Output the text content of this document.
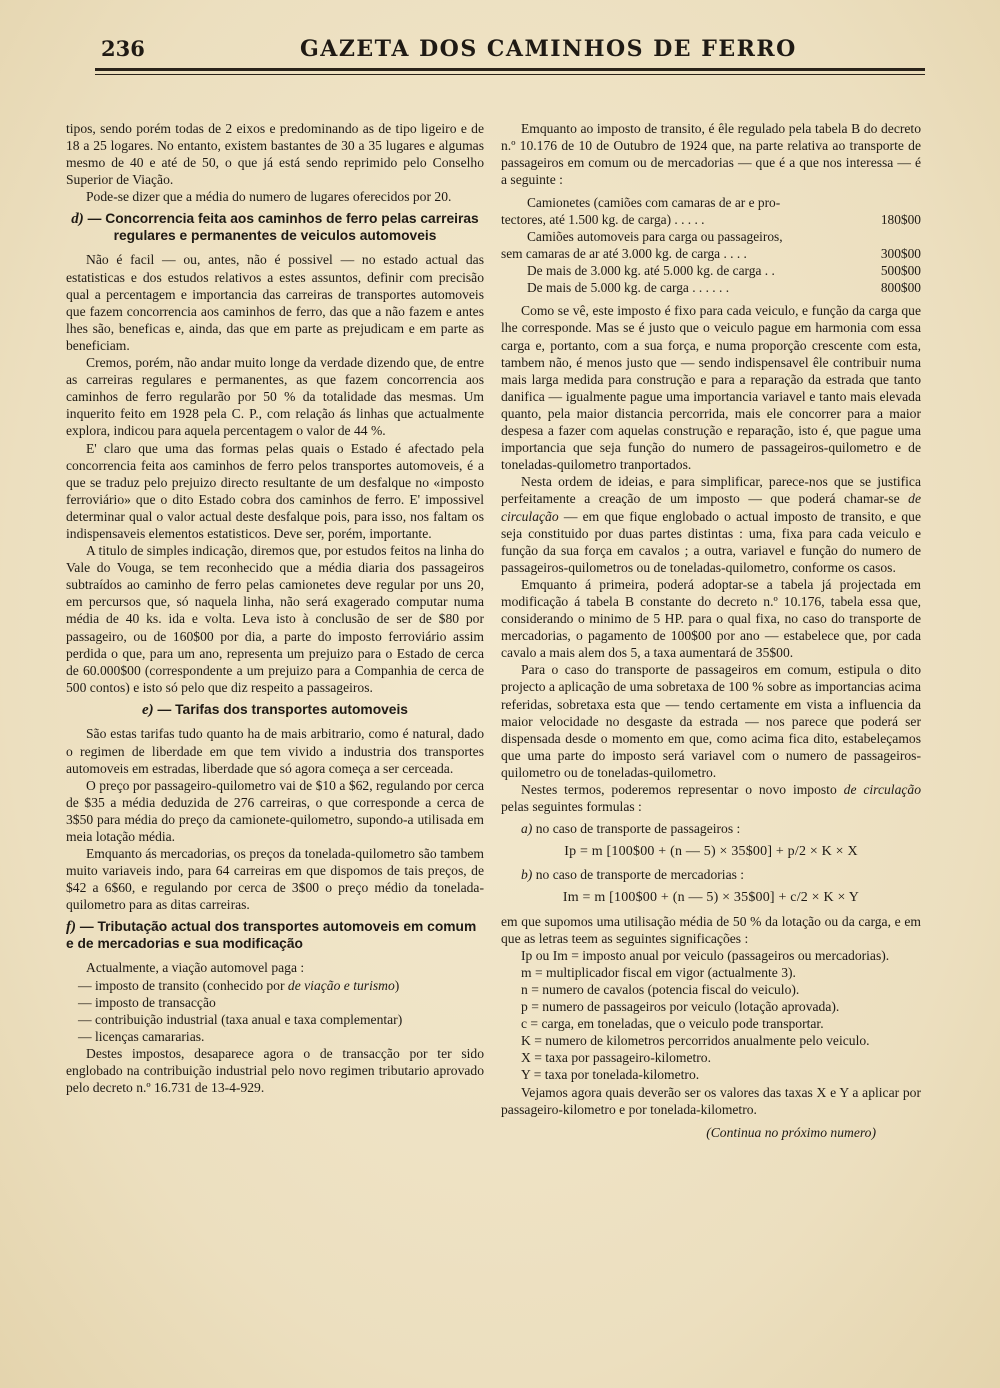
236	GAZETA DOS CAMINHOS DE FERRO

tipos, sendo porém todas de 2 eixos e predominando as de tipo ligeiro e de 18 a 25 logares. No entanto, existem bastantes de 30 a 35 lugares e algumas mesmo de 40 e até de 50, o que já está sendo reprimido pelo Conselho Superior de Viação.

Pode-se dizer que a média do numero de lugares oferecidos por 20.

d) — Concorrencia feita aos caminhos de ferro pelas carreiras regulares e permanentes de veiculos automoveis

Não é facil — ou, antes, não é possivel — no estado actual das estatisticas e dos estudos relativos a estes assuntos, definir com precisão qual a percentagem e importancia das carreiras de transportes automoveis que fazem concorrencia aos caminhos de ferro, das que a não fazem e antes lhes são, beneficas e, ainda, das que em parte as prejudicam e em parte as beneficiam.

Cremos, porém, não andar muito longe da verdade dizendo que, de entre as carreiras regulares e permanentes, as que fazem concorrencia aos caminhos de ferro regularão por 50 % da totalidade das mesmas. Um inquerito feito em 1928 pela C. P., com relação ás linhas que actualmente explora, indicou para aquela percentagem o valor de 44 %.

E' claro que uma das formas pelas quais o Estado é afectado pela concorrencia feita aos caminhos de ferro pelos transportes automoveis, é a que se traduz pelo prejuizo directo resultante de um desfalque no «imposto ferroviário» que o dito Estado cobra dos caminhos de ferro. E' impossivel determinar qual o valor actual deste desfalque pois, para isso, nos faltam os indispensaveis elementos estatisticos. Deve ser, porém, importante.

A titulo de simples indicação, diremos que, por estudos feitos na linha do Vale do Vouga, se tem reconhecido que a média diaria dos passageiros subtraídos ao caminho de ferro pelas camionetes deve regular por uns 20, em percursos que, só naquela linha, não será exagerado computar numa média de 40 ks. ida e volta. Leva isto à conclusão de ser de $80 por passageiro, ou de 160$00 por dia, a parte do imposto ferroviário assim perdida o que, para um ano, representa um prejuizo para o Estado de cerca de 60.000$00 (correspondente a um prejuizo para a Companhia de cerca de 500 contos) e isto só pelo que diz respeito a passageiros.

e) — Tarifas dos transportes automoveis

São estas tarifas tudo quanto ha de mais arbitrario, como é natural, dado o regimen de liberdade em que tem vivido a industria dos transportes automoveis em estradas, liberdade que só agora começa a ser cerceada.

O preço por passageiro-quilometro vai de $10 a $62, regulando por cerca de $35 a média deduzida de 276 carreiras, o que corresponde a cerca de 3$50 para média do preço da camionete-quilometro, supondo-a utilisada em meia lotação média.

Emquanto ás mercadorias, os preços da tonelada-quilometro são tambem muito variaveis indo, para 64 carreiras em que dispomos de tais preços, de $42 a 6$60, e regulando por cerca de 3$00 o preço médio da tonelada-quilometro para as ditas carreiras.

f) — Tributação actual dos transportes automoveis em comum e de mercadorias e sua modificação

Actualmente, a viação automovel paga :

— imposto de transito (conhecido por de viação e turismo)
— imposto de transacção
— contribuição industrial (taxa anual e taxa complementar)
— licenças camararias.

Destes impostos, desaparece agora o de transacção por ter sido englobado na contribuição industrial pelo novo regimen tributario aprovado pelo decreto n.º 16.731 de 13-4-929.

Emquanto ao imposto de transito, é êle regulado pela tabela B do decreto n.º 10.176 de 10 de Outubro de 1924 que, na parte relativa ao transporte de passageiros em comum ou de mercadorias — que é a que nos interessa — é a seguinte :

Camionetes (camiões com camaras de ar e pro-
tectores, até 1.500 kg. de carga) . . . . .	180$00
Camiões automoveis para carga ou passageiros,
sem camaras de ar até 3.000 kg. de carga . . . .	300$00
De mais de 3.000 kg. até 5.000 kg. de carga . .	500$00
De mais de 5.000 kg. de carga . . . . . .	800$00

Como se vê, este imposto é fixo para cada veiculo, e função da carga que lhe corresponde. Mas se é justo que o veiculo pague em harmonia com essa carga e, portanto, com a sua força, e numa proporção crescente com esta, tambem não, é menos justo que — sendo indispensavel êle contribuir numa mais larga medida para construção e para a reparação da estrada que tanto danifica — igualmente pague uma importancia variavel e tanto mais elevada quanto, pela maior distancia percorrida, mais ele concorrer para a maior despesa a fazer com aquelas construção e reparação, isto é, que pague uma importancia que seja função do numero de passageiros-quilometro e de toneladas-quilometro tranportados.

Nesta ordem de ideias, e para simplificar, parece-nos que se justifica perfeitamente a creação de um imposto — que poderá chamar-se de circulação — em que fique englobado o actual imposto de transito, e que seja constituido por duas partes distintas : uma, fixa para cada veiculo e função da sua força em cavalos ; a outra, variavel e função do numero de passageiros-quilometros ou de toneladas-quilometro, conforme os casos.

Emquanto á primeira, poderá adoptar-se a tabela já projectada em modificação á tabela B constante do decreto n.º 10.176, tabela essa que, considerando o minimo de 5 HP. para o qual fixa, no caso do transporte de mercadorias, o pagamento de 100$00 por ano — estabelece que, por cada cavalo a mais alem dos 5, a taxa aumentará de 35$00.

Para o caso do transporte de passageiros em comum, estipula o dito projecto a aplicação de uma sobretaxa de 100 % sobre as importancias acima referidas, sobretaxa esta que — tendo certamente em vista a influencia da maior velocidade no desgaste da estrada — nos parece que poderá ser dispensada desde o momento em que, como acima fica dito, estabeleçamos que uma parte do imposto será variavel com o numero de passageiros-quilometro ou de toneladas-quilometro.

Nestes termos, poderemos representar o novo imposto de circulação pelas seguintes formulas :

a) no caso de transporte de passageiros :
Ip = m [100$00 + (n — 5) × 35$00] + p/2 × K × X
b) no caso de transporte de mercadorias :
Im = m [100$00 + (n — 5) × 35$00] + c/2 × K × Y

em que supomos uma utilisação média de 50 % da lotação ou da carga, e em que as letras teem as seguintes significações :

Ip ou Im = imposto anual por veiculo (passageiros ou mercadorias).
m = multiplicador fiscal em vigor (actualmente 3).
n = numero de cavalos (potencia fiscal do veiculo).
p = numero de passageiros por veiculo (lotação aprovada).
c = carga, em toneladas, que o veiculo pode transportar.
K = numero de kilometros percorridos anualmente pelo veiculo.
X = taxa por passageiro-kilometro.
Y = taxa por tonelada-kilometro.

Vejamos agora quais deverão ser os valores das taxas X e Y a aplicar por passageiro-kilometro e por tonelada-kilometro.

(Continua no próximo numero)
